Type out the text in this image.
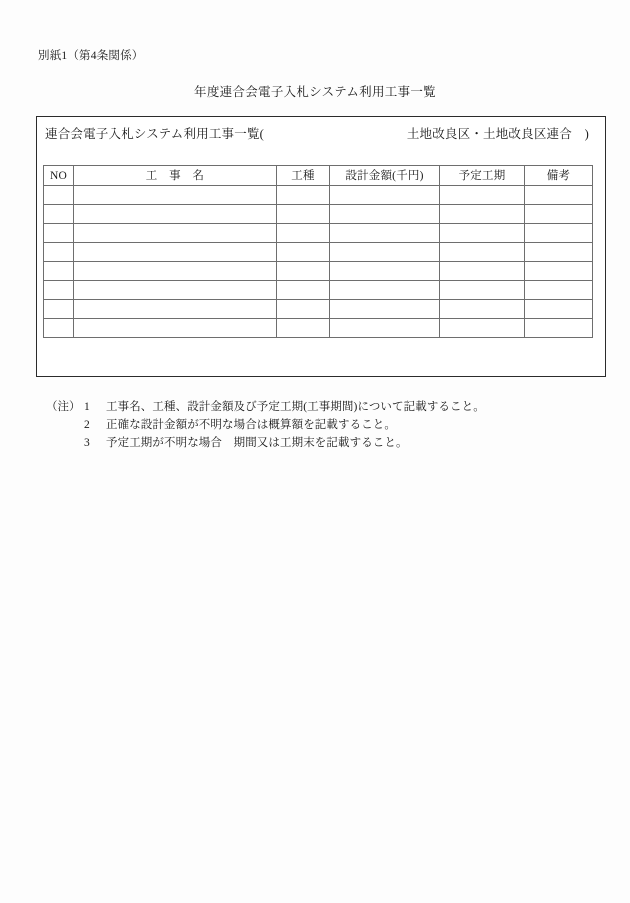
別紙1（第4条関係）
年度連合会電子入札システム利用工事一覧
連合会電子入札システム利用工事一覧(	土地改良区・土地改良区連合　)
NO	工　事　名	工種	設計金額(千円)	予定工期	備考

（注） 1	工事名、工種、設計金額及び予定工期(工事期間)について記載すること。
2	正確な設計金額が不明な場合は概算額を記載すること。
3	予定工期が不明な場合　期間又は工期末を記載すること。
